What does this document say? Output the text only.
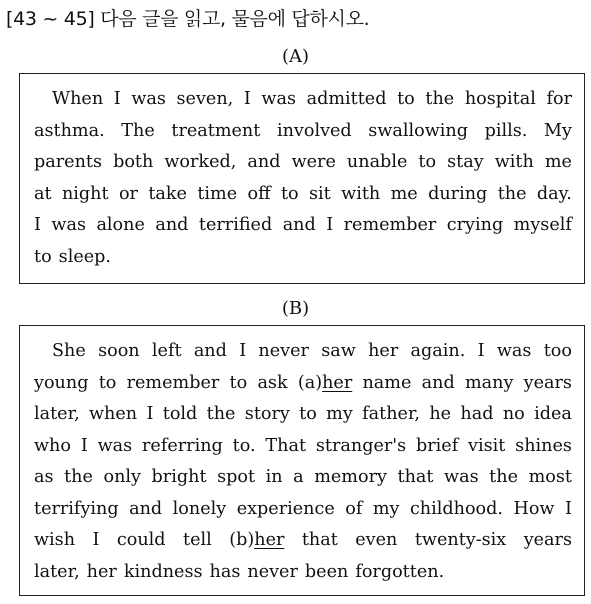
[43 ~ 45] 다음 글을 읽고, 물음에 답하시오.
(A)
When I was seven, I was admitted to the hospital for
asthma. The treatment involved swallowing pills. My
parents both worked, and were unable to stay with me
at night or take time off to sit with me during the day.
I was alone and terrified and I remember crying myself
to sleep.
(B)
She soon left and I never saw her again. I was too
young to remember to ask (a)her name and many years
later, when I told the story to my father, he had no idea
who I was referring to. That stranger's brief visit shines
as the only bright spot in a memory that was the most
terrifying and lonely experience of my childhood. How I
wish I could tell (b)her that even twenty-six years
later, her kindness has never been forgotten.
